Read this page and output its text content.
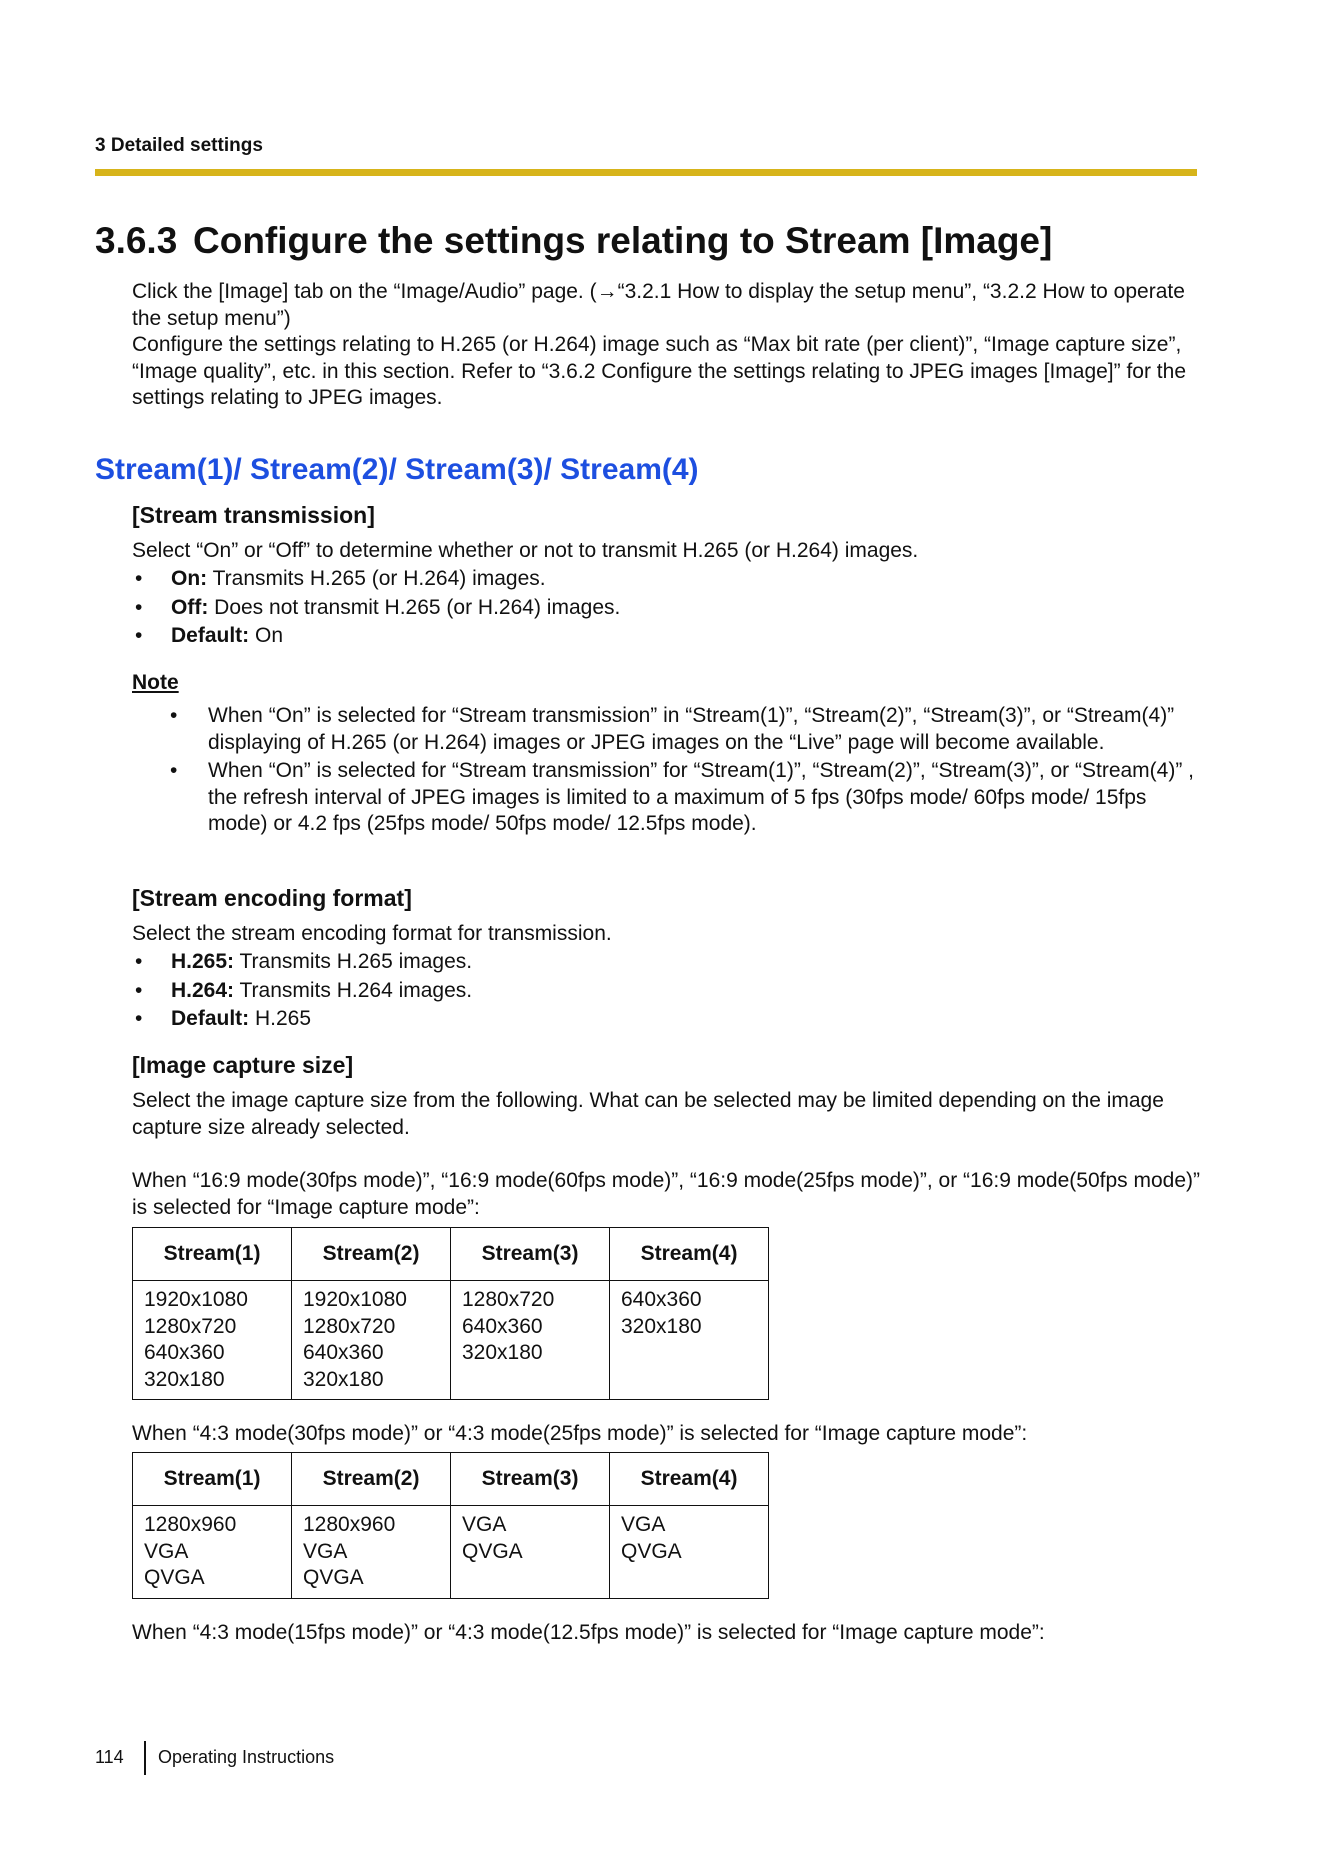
3 Detailed settings
3.6.3 Configure the settings relating to Stream [Image]
Click the [Image] tab on the “Image/Audio” page. (→“3.2.1 How to display the setup menu”, “3.2.2 How to operate the setup menu”)
Configure the settings relating to H.265 (or H.264) image such as “Max bit rate (per client)”, “Image capture size”, “Image quality”, etc. in this section. Refer to “3.6.2 Configure the settings relating to JPEG images [Image]” for the settings relating to JPEG images.
Stream(1)/ Stream(2)/ Stream(3)/ Stream(4)
[Stream transmission]
Select “On” or “Off” to determine whether or not to transmit H.265 (or H.264) images.
• On: Transmits H.265 (or H.264) images.
• Off: Does not transmit H.265 (or H.264) images.
• Default: On
Note
• When “On” is selected for “Stream transmission” in “Stream(1)”, “Stream(2)”, “Stream(3)”, or “Stream(4)” displaying of H.265 (or H.264) images or JPEG images on the “Live” page will become available.
• When “On” is selected for “Stream transmission” for “Stream(1)”, “Stream(2)”, “Stream(3)”, or “Stream(4)” , the refresh interval of JPEG images is limited to a maximum of 5 fps (30fps mode/ 60fps mode/ 15fps mode) or 4.2 fps (25fps mode/ 50fps mode/ 12.5fps mode).
[Stream encoding format]
Select the stream encoding format for transmission.
• H.265: Transmits H.265 images.
• H.264: Transmits H.264 images.
• Default: H.265
[Image capture size]
Select the image capture size from the following. What can be selected may be limited depending on the image capture size already selected.
When “16:9 mode(30fps mode)”, “16:9 mode(60fps mode)”, “16:9 mode(25fps mode)”, or “16:9 mode(50fps mode)” is selected for “Image capture mode”:
Stream(1)	Stream(2)	Stream(3)	Stream(4)
1920x1080
1280x720
640x360
320x180	1920x1080
1280x720
640x360
320x180	1280x720
640x360
320x180	640x360
320x180
When “4:3 mode(30fps mode)” or “4:3 mode(25fps mode)” is selected for “Image capture mode”:
Stream(1)	Stream(2)	Stream(3)	Stream(4)
1280x960
VGA
QVGA	1280x960
VGA
QVGA	VGA
QVGA	VGA
QVGA
When “4:3 mode(15fps mode)” or “4:3 mode(12.5fps mode)” is selected for “Image capture mode”:
114 Operating Instructions
